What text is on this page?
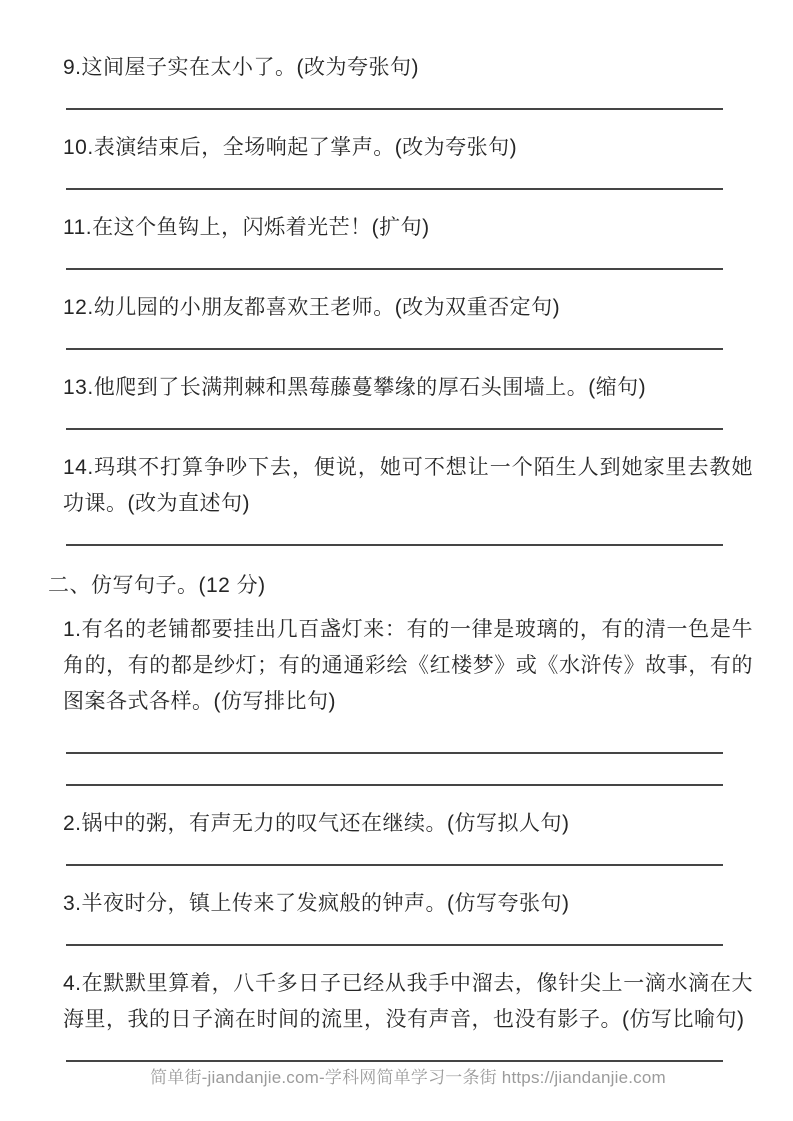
9.这间屋子实在太小了。(改为夸张句)

10.表演结束后，全场响起了掌声。(改为夸张句)

11.在这个鱼钩上，闪烁着光芒！(扩句)

12.幼儿园的小朋友都喜欢王老师。(改为双重否定句)

13.他爬到了长满荆棘和黑莓藤蔓攀缘的厚石头围墙上。(缩句)

14.玛琪不打算争吵下去，便说，她可不想让一个陌生人到她家里去教她功课。(改为直述句)

二、仿写句子。(12 分)

1.有名的老铺都要挂出几百盏灯来：有的一律是玻璃的，有的清一色是牛角的，有的都是纱灯；有的通通彩绘《红楼梦》或《水浒传》故事，有的图案各式各样。(仿写排比句)

2.锅中的粥，有声无力的叹气还在继续。(仿写拟人句)

3.半夜时分，镇上传来了发疯般的钟声。(仿写夸张句)

4.在默默里算着，八千多日子已经从我手中溜去，像针尖上一滴水滴在大海里，我的日子滴在时间的流里，没有声音，也没有影子。(仿写比喻句)

简单街-jiandanjie.com-学科网简单学习一条街 https://jiandanjie.com
